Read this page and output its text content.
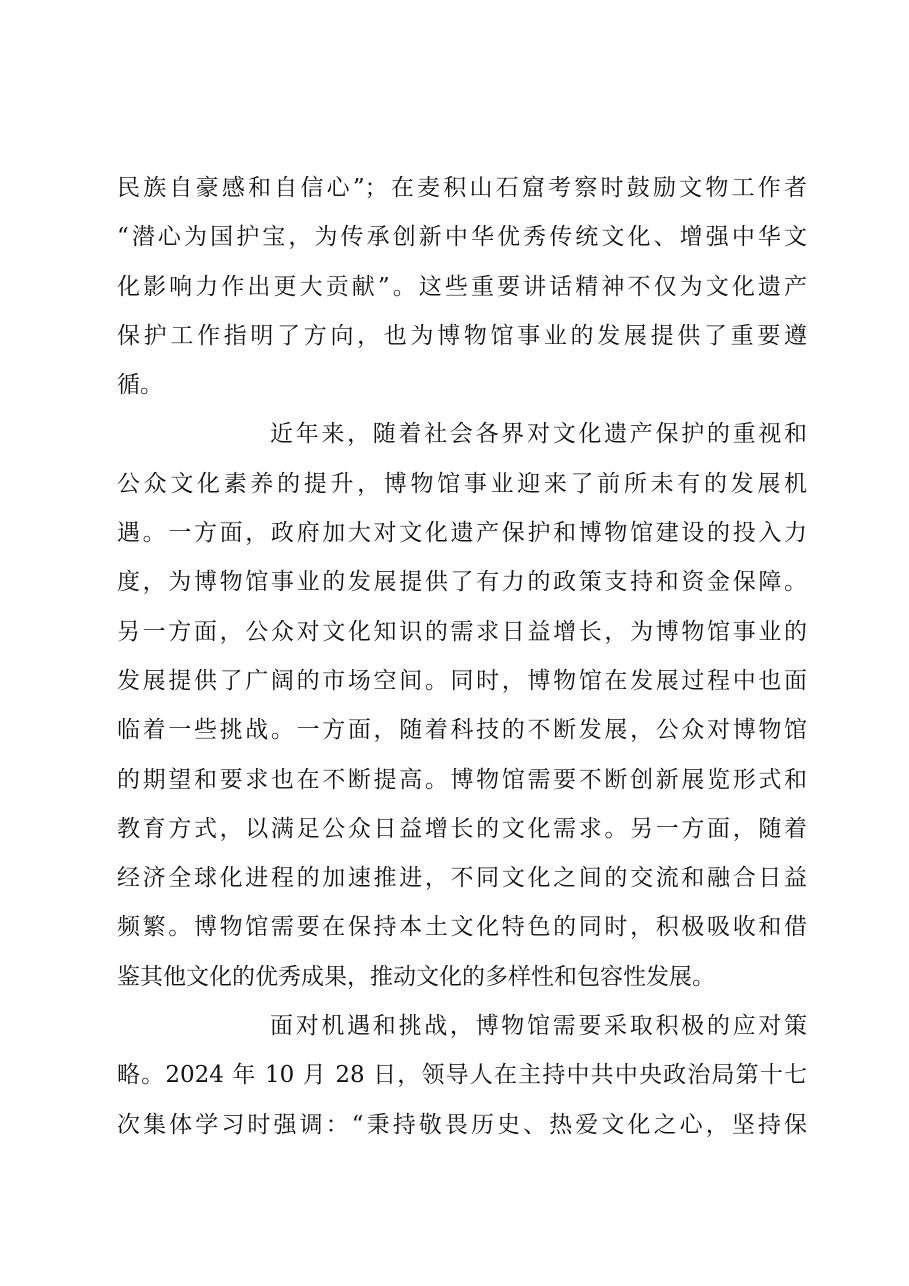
民族自豪感和自信心”；在麦积山石窟考察时鼓励文物工作者
“潜心为国护宝，为传承创新中华优秀传统文化、增强中华文
化影响力作出更大贡献”。这些重要讲话精神不仅为文化遗产
保护工作指明了方向，也为博物馆事业的发展提供了重要遵
循。
近年来，随着社会各界对文化遗产保护的重视和
公众文化素养的提升，博物馆事业迎来了前所未有的发展机
遇。一方面，政府加大对文化遗产保护和博物馆建设的投入力
度，为博物馆事业的发展提供了有力的政策支持和资金保障。
另一方面，公众对文化知识的需求日益增长，为博物馆事业的
发展提供了广阔的市场空间。同时，博物馆在发展过程中也面
临着一些挑战。一方面，随着科技的不断发展，公众对博物馆
的期望和要求也在不断提高。博物馆需要不断创新展览形式和
教育方式，以满足公众日益增长的文化需求。另一方面，随着
经济全球化进程的加速推进，不同文化之间的交流和融合日益
频繁。博物馆需要在保持本土文化特色的同时，积极吸收和借
鉴其他文化的优秀成果，推动文化的多样性和包容性发展。
面对机遇和挑战，博物馆需要采取积极的应对策
略。2024 年 10 月 28 日，领导人在主持中共中央政治局第十七
次集体学习时强调：“秉持敬畏历史、热爱文化之心，坚持保
